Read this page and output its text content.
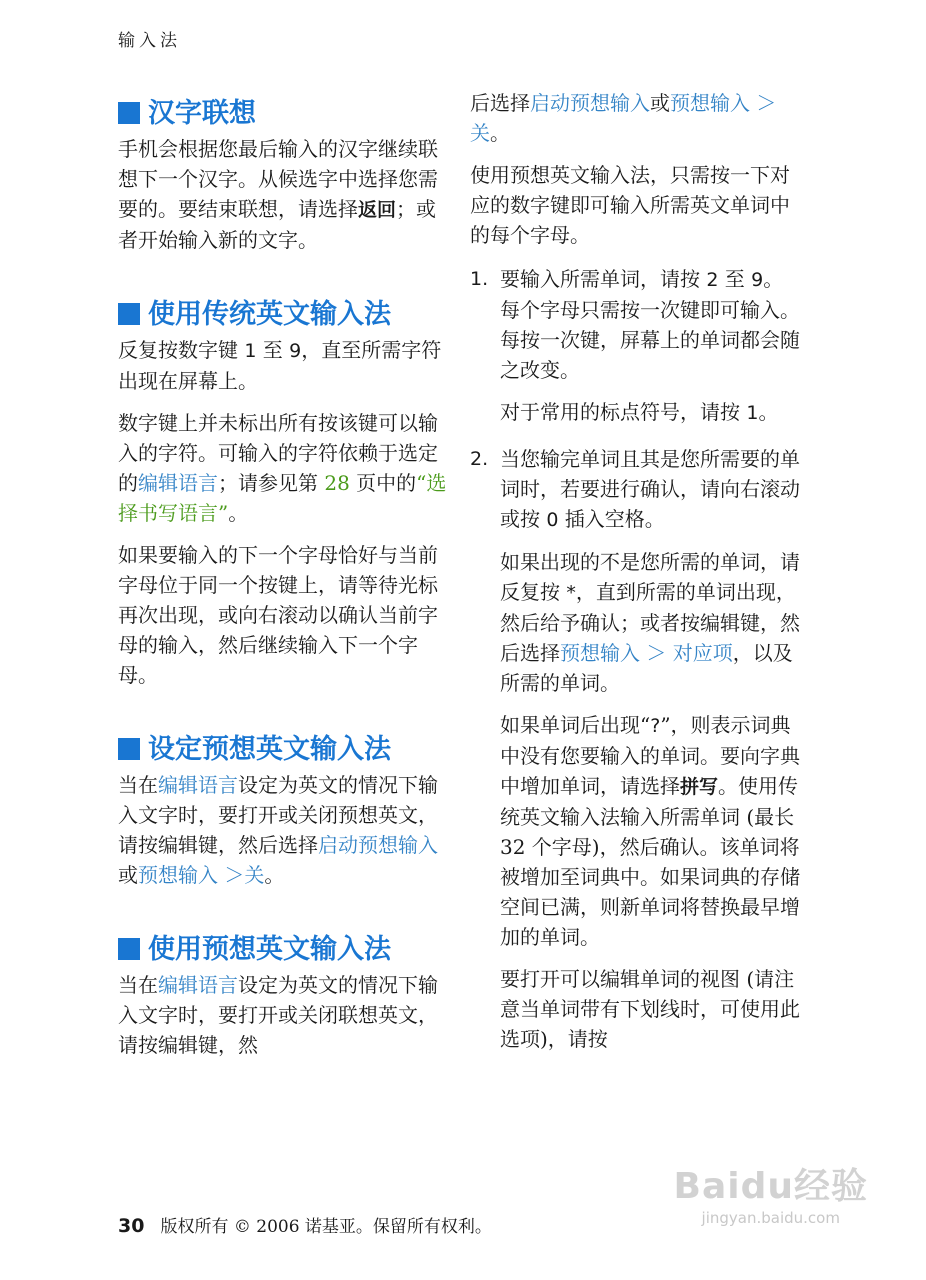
输入法
汉字联想

手机会根据您最后输入的汉字继续联想下一个汉字。从候选字中选择您需要的。要结束联想，请选择返回；或者开始输入新的文字。

使用传统英文输入法

反复按数字键 1 至 9，直至所需字符出现在屏幕上。

数字键上并未标出所有按该键可以输入的字符。可输入的字符依赖于选定的编辑语言；请参见第 28 页中的“选择书写语言”。

如果要输入的下一个字母恰好与当前字母位于同一个按键上，请等待光标再次出现，或向右滚动以确认当前字母的输入，然后继续输入下一个字母。

设定预想英文输入法

当在编辑语言设定为英文的情况下输入文字时，要打开或关闭预想英文，请按编辑键，然后选择启动预想输入或预想输入 ＞关。

使用预想英文输入法

当在编辑语言设定为英文的情况下输入文字时，要打开或关闭联想英文，请按编辑键，然

后选择启动预想输入或预想输入 ＞关。

使用预想英文输入法，只需按一下对应的数字键即可输入所需英文单词中的每个字母。

1. 要输入所需单词，请按 2 至 9。每个字母只需按一次键即可输入。每按一次键，屏幕上的单词都会随之改变。

对于常用的标点符号，请按 1。

2. 当您输完单词且其是您所需要的单词时，若要进行确认，请向右滚动或按 0 插入空格。

如果出现的不是您所需的单词，请反复按 *，直到所需的单词出现，然后给予确认；或者按编辑键，然后选择预想输入 ＞ 对应项，以及所需的单词。

如果单词后出现“?”，则表示词典中没有您要输入的单词。要向字典中增加单词，请选择拼写。使用传统英文输入法输入所需单词 (最长 32 个字母)，然后确认。该单词将被增加至词典中。如果词典的存储空间已满，则新单词将替换最早增加的单词。

要打开可以编辑单词的视图 (请注意当单词带有下划线时，可使用此选项)，请按

30 版权所有 © 2006 诺基亚。保留所有权利。
Baidu经验
jingyan.baidu.com
